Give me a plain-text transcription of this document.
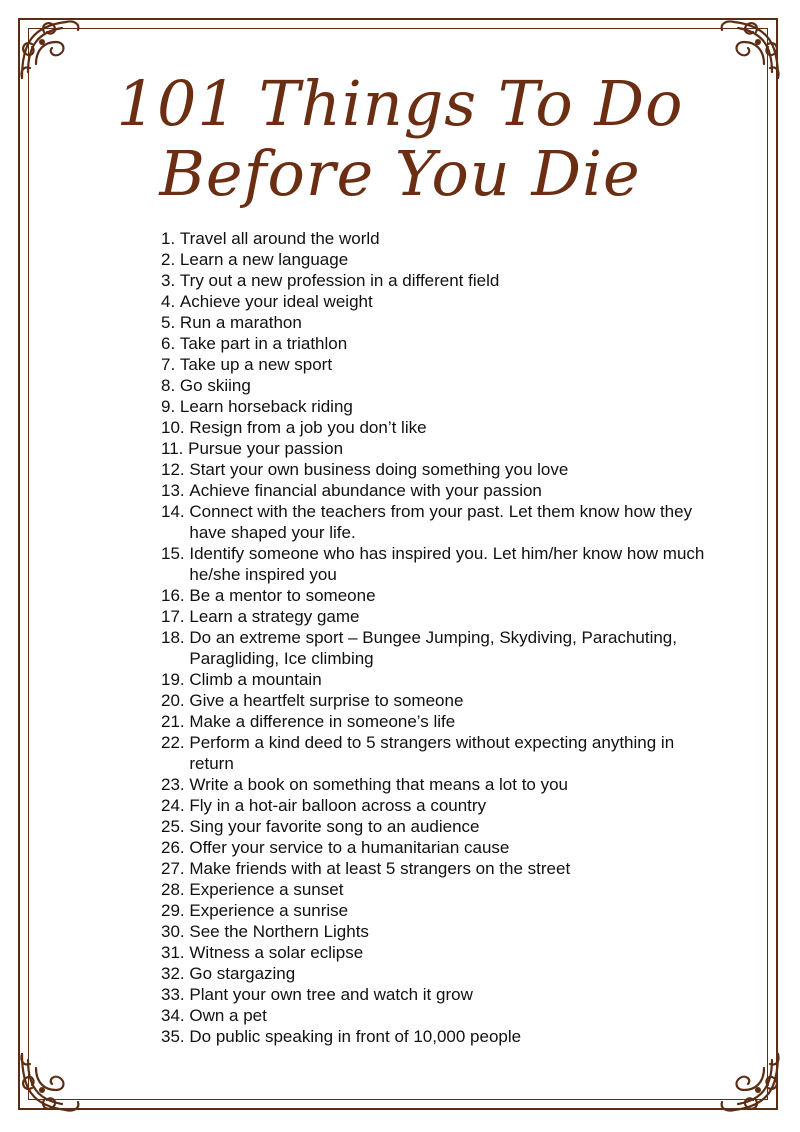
101 Things To Do
Before You Die
1.
Travel all around the world
2.
Learn a new language
3.
Try out a new profession in a different field
4.
Achieve your ideal weight
5.
Run a marathon
6.
Take part in a triathlon
7.
Take up a new sport
8.
Go skiing
9.
Learn horseback riding
10.
Resign from a job you don’t like
11.
Pursue your passion
12.
Start your own business doing something you love
13.
Achieve financial abundance with your passion
14.
Connect with the teachers from your past. Let them know how they have shaped your life.
15.
Identify someone who has inspired you. Let him/her know how much he/she inspired you
16.
Be a mentor to someone
17.
Learn a strategy game
18.
Do an extreme sport – Bungee Jumping, Skydiving, Parachuting, Paragliding, Ice climbing
19.
Climb a mountain
20.
Give a heartfelt surprise to someone
21.
Make a difference in someone’s life
22.
Perform a kind deed to 5 strangers without expecting anything in return
23.
Write a book on something that means a lot to you
24.
Fly in a hot-air balloon across a country
25.
Sing your favorite song to an audience
26.
Offer your service to a humanitarian cause
27.
Make friends with at least 5 strangers on the street
28.
Experience a sunset
29.
Experience a sunrise
30.
See the Northern Lights
31.
Witness a solar eclipse
32.
Go stargazing
33.
Plant your own tree and watch it grow
34.
Own a pet
35.
Do public speaking in front of 10,000 people
